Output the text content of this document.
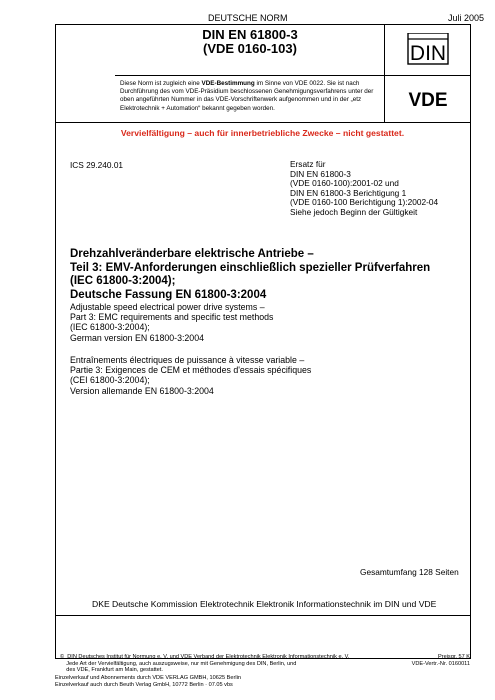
DEUTSCHE NORM	Juli 2005
DIN EN 61800-3
(VDE 0160-103)
Diese Norm ist zugleich eine VDE-Bestimmung im Sinne von VDE 0022. Sie ist nach Durchführung des vom VDE-Präsidium beschlossenen Genehmigungsverfahrens unter der oben angeführten Nummer in das VDE-Vorschriftenwerk aufgenommen und in der „etz Elektrotechnik + Automation“ bekannt gegeben worden.
DIN
VDE
Vervielfältigung – auch für innerbetriebliche Zwecke – nicht gestattet.
ICS 29.240.01	Ersatz für
DIN EN 61800-3
(VDE 0160-100):2001-02 und
DIN EN 61800-3 Berichtigung 1
(VDE 0160-100 Berichtigung 1):2002-04
Siehe jedoch Beginn der Gültigkeit
Drehzahlveränderbare elektrische Antriebe –
Teil 3: EMV-Anforderungen einschließlich spezieller Prüfverfahren
(IEC 61800-3:2004);
Deutsche Fassung EN 61800-3:2004
Adjustable speed electrical power drive systems –
Part 3: EMC requirements and specific test methods
(IEC 61800-3:2004);
German version EN 61800-3:2004
Entraînements électriques de puissance à vitesse variable –
Partie 3: Exigences de CEM et méthodes d'essais spécifiques
(CEI 61800-3:2004);
Version allemande EN 61800-3:2004
Gesamtumfang 128 Seiten
DKE Deutsche Kommission Elektrotechnik Elektronik Informationstechnik im DIN und VDE
©  DIN Deutsches Institut für Normung e. V. und VDE Verband der Elektrotechnik Elektronik Informationstechnik e. V.
Jede Art der Vervielfältigung, auch auszugsweise, nur mit Genehmigung des DIN, Berlin, und
des VDE, Frankfurt am Main, gestattet.
Preisgr. 57 K
VDE-Vertr.-Nr. 0160011
Einzelverkauf und Abonnements durch VDE VERLAG GMBH, 10625 Berlin
Einzelverkauf auch durch Beuth Verlag GmbH, 10772 Berlin · 07.05 vbs
